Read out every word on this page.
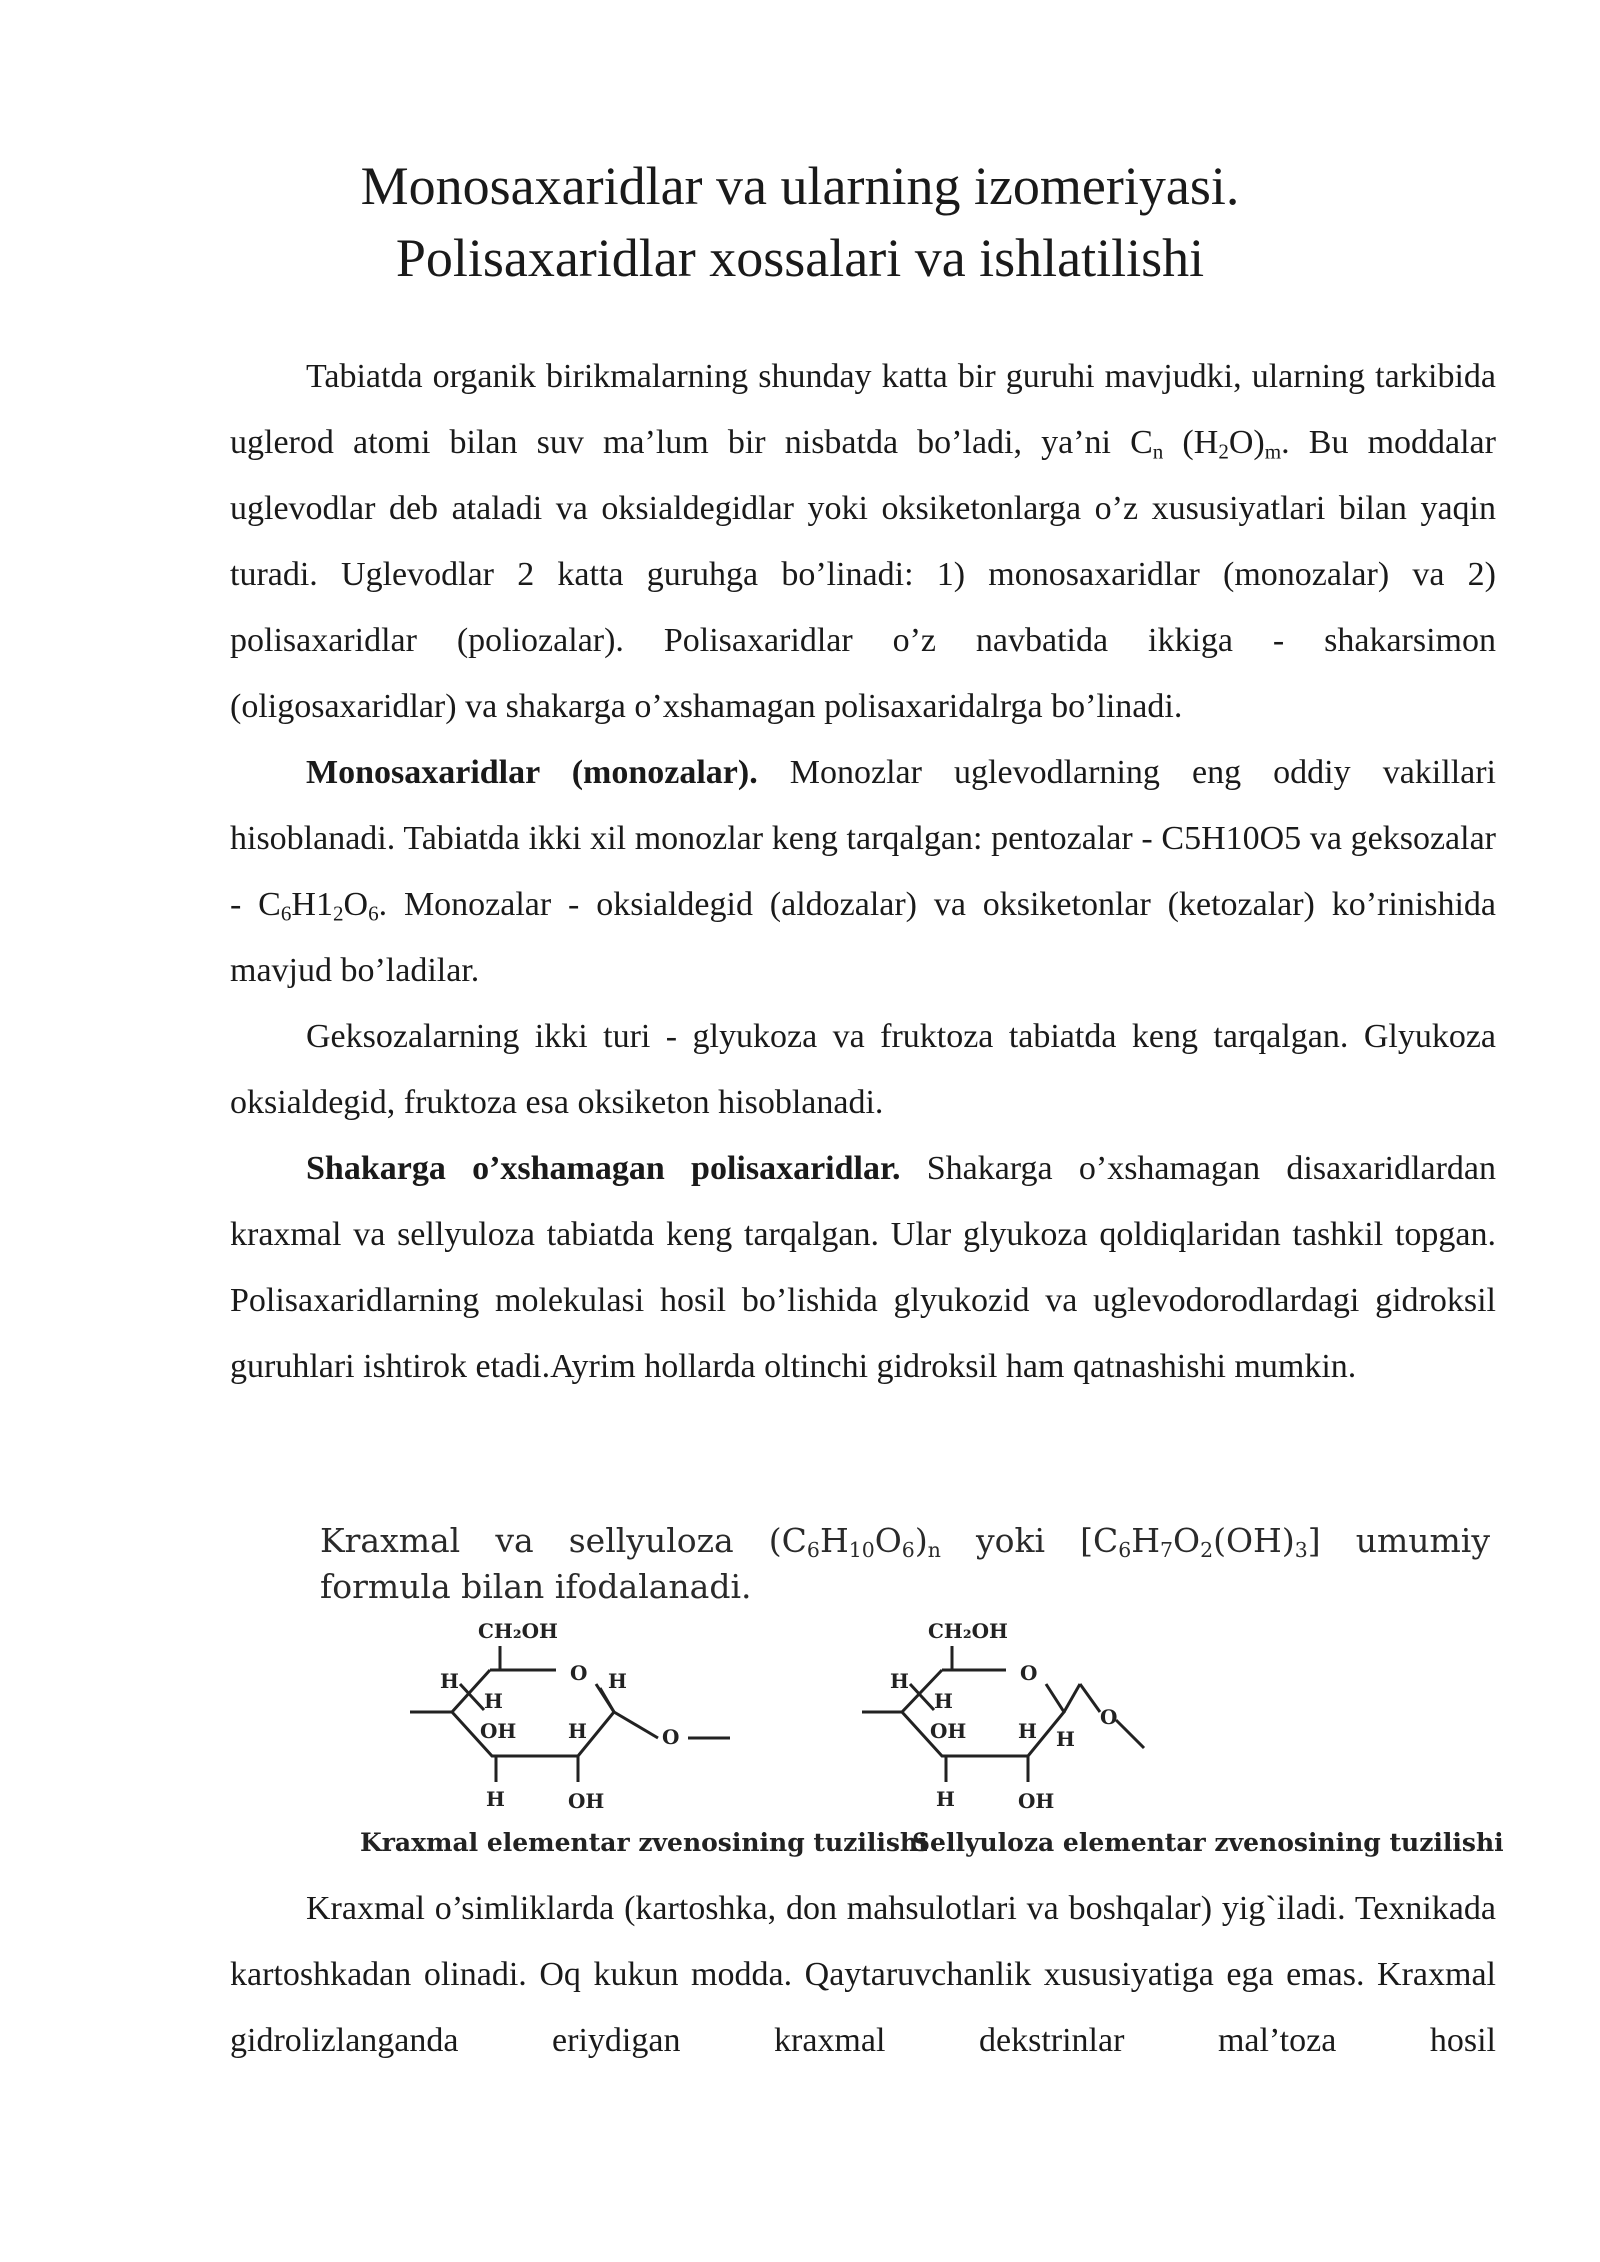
Monosaxaridlar va ularning izomeriyasi.
Polisaxaridlar xossalari va ishlatilishi

Tabiatda organik birikmalarning shunday katta bir guruhi mavjudki, ularning tarkibida uglerod atomi bilan suv ma’lum bir nisbatda bo’ladi, ya’ni $C_n$ $(H_2O)_m$. Bu moddalar uglevodlar deb ataladi va oksialdegidlar yoki oksiketonlarga o’z xususiyatlari bilan yaqin turadi. Uglevodlar 2 katta guruhga bo’linadi: 1) monosaxaridlar (monozalar) va 2) polisaxaridlar (poliozalar). Polisaxaridlar o’z navbatida ikkiga - shakarsimon (oligosaxaridlar) va shakarga o’xshamagan polisaxaridalrga bo’linadi.

Monosaxaridlar (monozalar). Monozlar uglevodlarning eng oddiy vakillari hisoblanadi. Tabiatda ikki xil monozlar keng tarqalgan: pentozalar - C5H10O5 va geksozalar - $C_6H1_2O_6$. Monozalar - oksialdegid (aldozalar) va oksiketonlar (ketozalar) ko’rinishida mavjud bo’ladilar.

Geksozalarning ikki turi - glyukoza va fruktoza tabiatda keng tarqalgan. Glyukoza oksialdegid, fruktoza esa oksiketon hisoblanadi.

Shakarga o’xshamagan polisaxaridlar. Shakarga o’xshamagan disaxaridlardan kraxmal va sellyuloza tabiatda keng tarqalgan. Ular glyukoza qoldiqlaridan tashkil topgan. Polisaxaridlarning molekulasi hosil bo’lishida glyukozid va uglevodorodlardagi gidroksil guruhlari ishtirok etadi.Ayrim hollarda oltinchi gidroksil ham qatnashishi mumkin.

Kraxmal va sellyuloza $(C_6H_{10}O_6)_n$ yoki $[C_6H_7O_2(OH)_3]$ umumiy
formula bilan ifodalanadi.
CH₂OH
H	O H
H
OH	H
H	OH
O
CH₂OH
H	O
H
OH	H
H	OH
O
H
Kraxmal elementar zvenosining tuzilishi
Sellyuloza elementar zvenosining tuzilishi

Kraxmal o’simliklarda (kartoshka, don mahsulotlari va boshqalar) yig`iladi. Texnikada kartoshkadan olinadi. Oq kukun modda. Qaytaruvchanlik xususiyatiga ega emas. Kraxmal gidrolizlanganda eriydigan kraxmal dekstrinlar mal’toza hosil
